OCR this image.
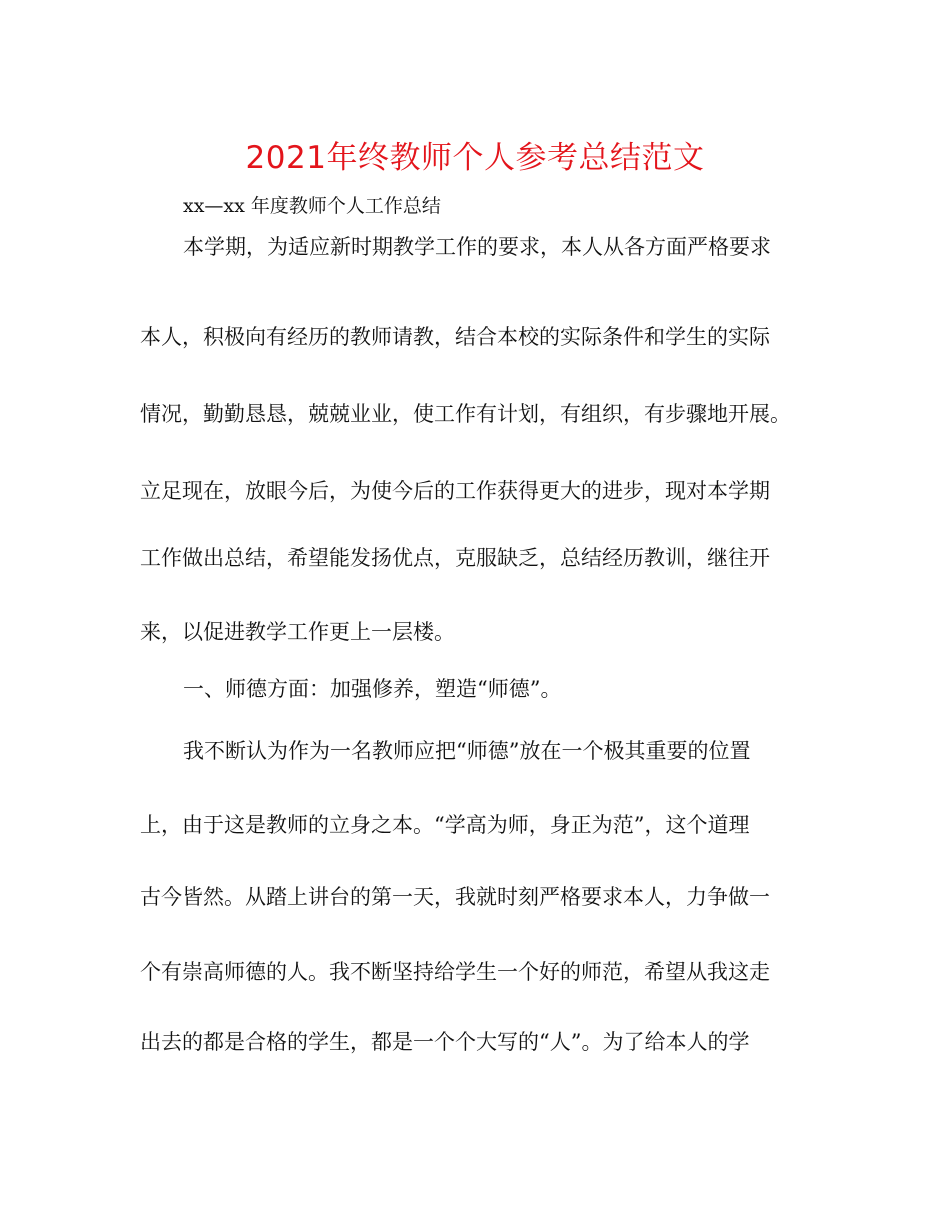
2021年终教师个人参考总结范文
xx—xx 年度教师个人工作总结
本学期，为适应新时期教学工作的要求，本人从各方面严格要求
本人，积极向有经历的教师请教，结合本校的实际条件和学生的实际
情况，勤勤恳恳，兢兢业业，使工作有计划，有组织，有步骤地开展。
立足现在，放眼今后，为使今后的工作获得更大的进步，现对本学期
工作做出总结，希望能发扬优点，克服缺乏，总结经历教训，继往开
来，以促进教学工作更上一层楼。
一、师德方面：加强修养，塑造“师德”。
我不断认为作为一名教师应把“师德”放在一个极其重要的位置
上，由于这是教师的立身之本。“学高为师，身正为范”，这个道理
古今皆然。从踏上讲台的第一天，我就时刻严格要求本人，力争做一
个有崇高师德的人。我不断坚持给学生一个好的师范，希望从我这走
出去的都是合格的学生，都是一个个大写的“人”。为了给本人的学
